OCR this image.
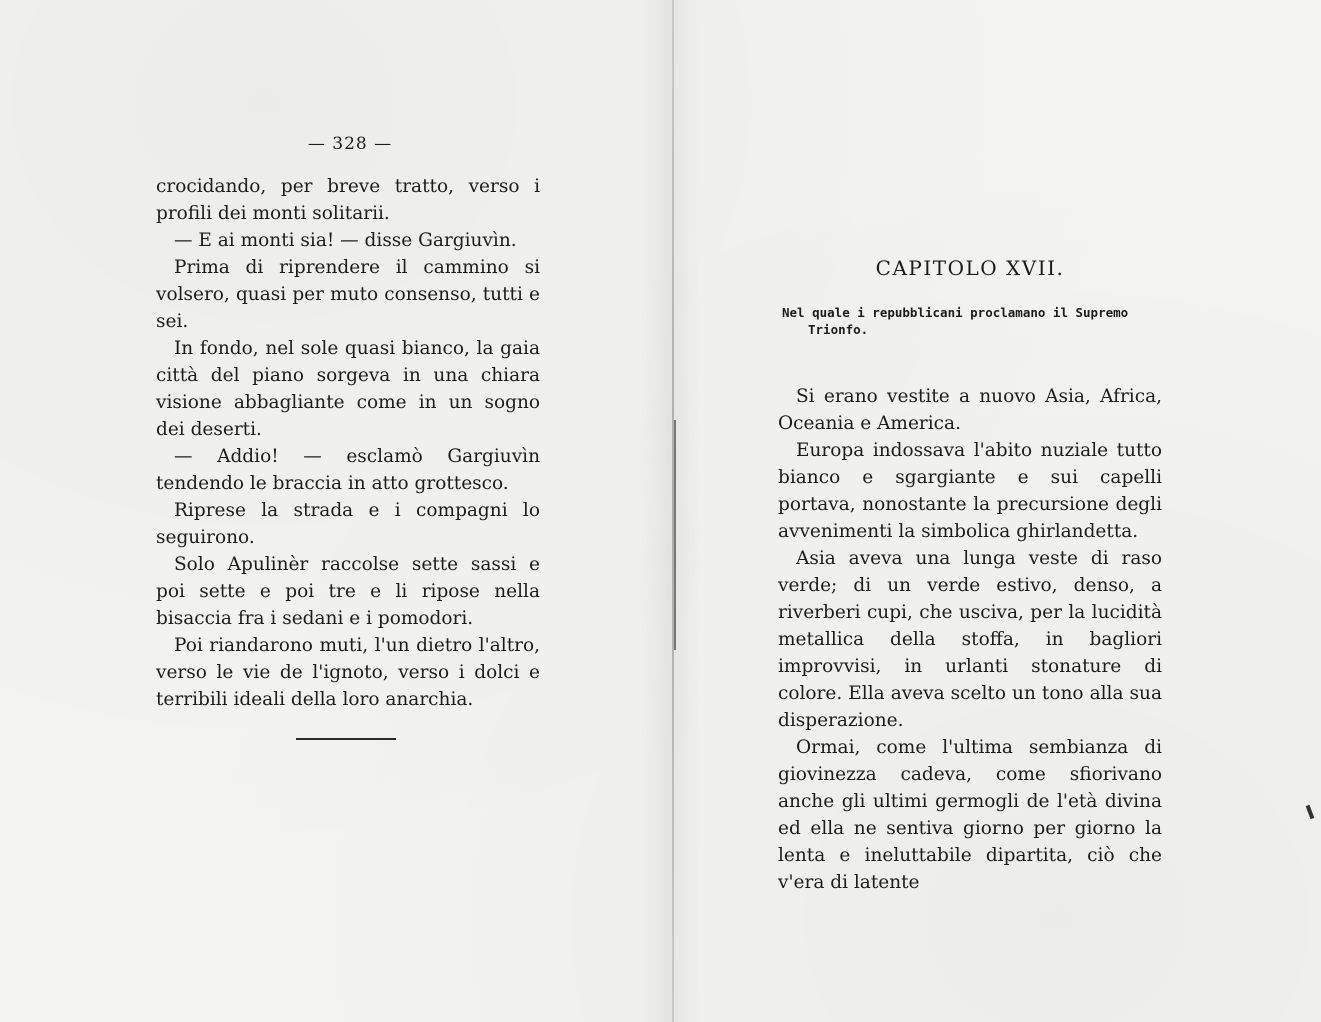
— 328 —

crocidando, per breve tratto, verso i profili dei monti solitarii.

— E ai monti sia! — disse Gargiuvìn.

Prima di riprendere il cammino si volsero, quasi per muto consenso, tutti e sei.

In fondo, nel sole quasi bianco, la gaia città del piano sorgeva in una chiara visione abbagliante come in un sogno dei deserti.

— Addio! — esclamò Gargiuvìn tendendo le braccia in atto grottesco.

Riprese la strada e i compagni lo seguirono.

Solo Apulinèr raccolse sette sassi e poi sette e poi tre e li ripose nella bisaccia fra i sedani e i pomodori.

Poi riandarono muti, l'un dietro l'altro, verso le vie de l'ignoto, verso i dolci e terribili ideali della loro anarchia.

CAPITOLO XVII.
Nel quale i repubblicani proclamano il Supremo
Trionfo.

Si erano vestite a nuovo Asia, Africa, Oceania e America.

Europa indossava l'abito nuziale tutto bianco e sgargiante e sui capelli portava, nonostante la precursione degli avvenimenti la simbolica ghirlandetta.

Asia aveva una lunga veste di raso verde; di un verde estivo, denso, a riverberi cupi, che usciva, per la lucidità metallica della stoffa, in bagliori improvvisi, in urlanti stonature di colore. Ella aveva scelto un tono alla sua disperazione.

Ormai, come l'ultima sembianza di giovinezza cadeva, come sfiorivano anche gli ultimi germogli de l'età divina ed ella ne sentiva giorno per giorno la lenta e ineluttabile dipartita, ciò che v'era di latente
